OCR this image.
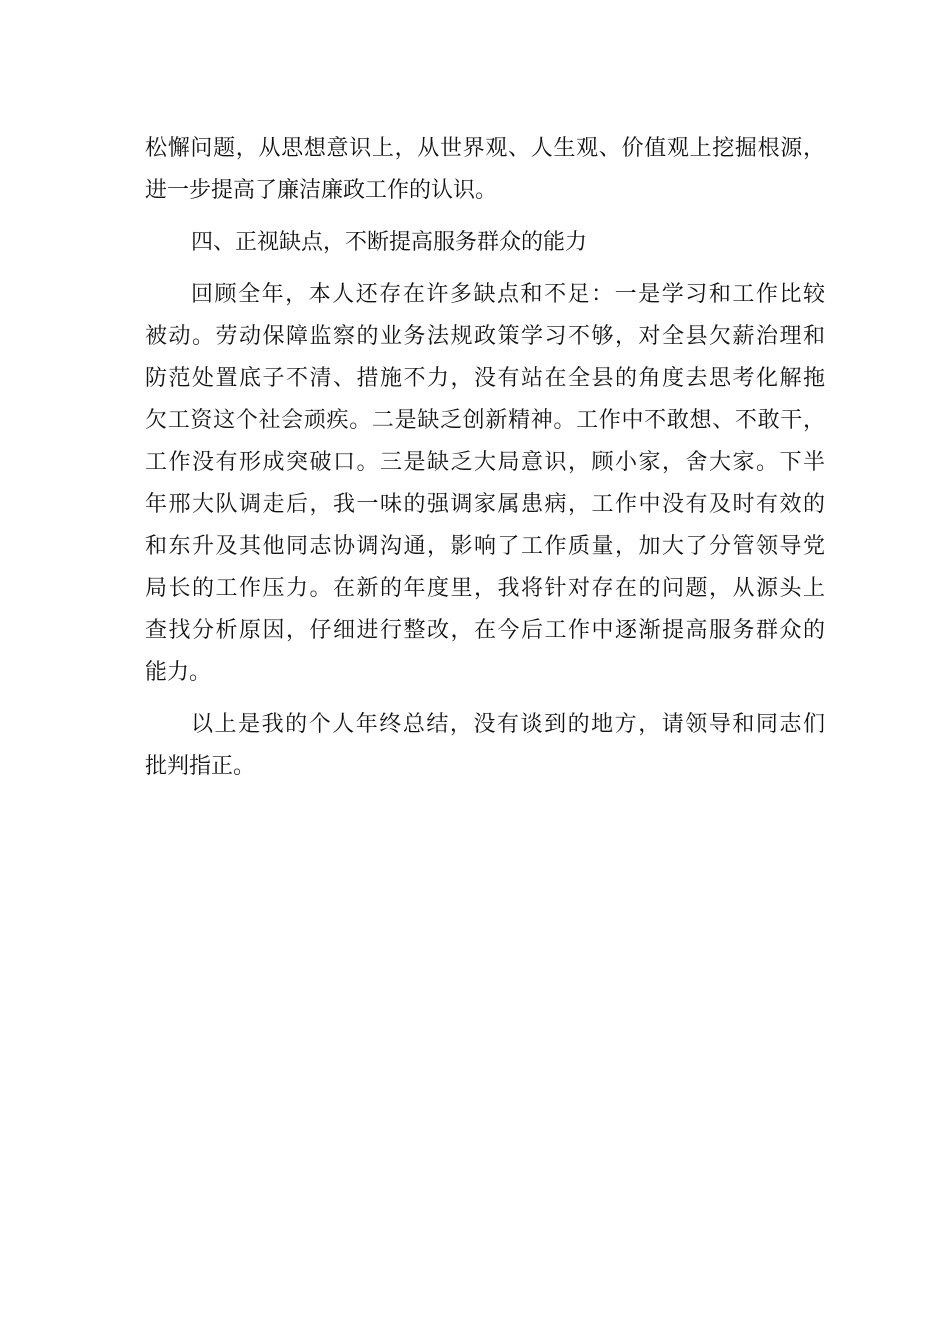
松懈问题，从思想意识上，从世界观、人生观、价值观上挖掘根源，
进一步提高了廉洁廉政工作的认识。
四、正视缺点，不断提高服务群众的能力
回顾全年，本人还存在许多缺点和不足：一是学习和工作比较
被动。劳动保障监察的业务法规政策学习不够，对全县欠薪治理和
防范处置底子不清、措施不力，没有站在全县的角度去思考化解拖
欠工资这个社会顽疾。二是缺乏创新精神。工作中不敢想、不敢干，
工作没有形成突破口。三是缺乏大局意识，顾小家，舍大家。下半
年邢大队调走后，我一味的强调家属患病，工作中没有及时有效的
和东升及其他同志协调沟通，影响了工作质量，加大了分管领导党
局长的工作压力。在新的年度里，我将针对存在的问题，从源头上
查找分析原因，仔细进行整改，在今后工作中逐渐提高服务群众的
能力。
以上是我的个人年终总结，没有谈到的地方，请领导和同志们
批判指正。
